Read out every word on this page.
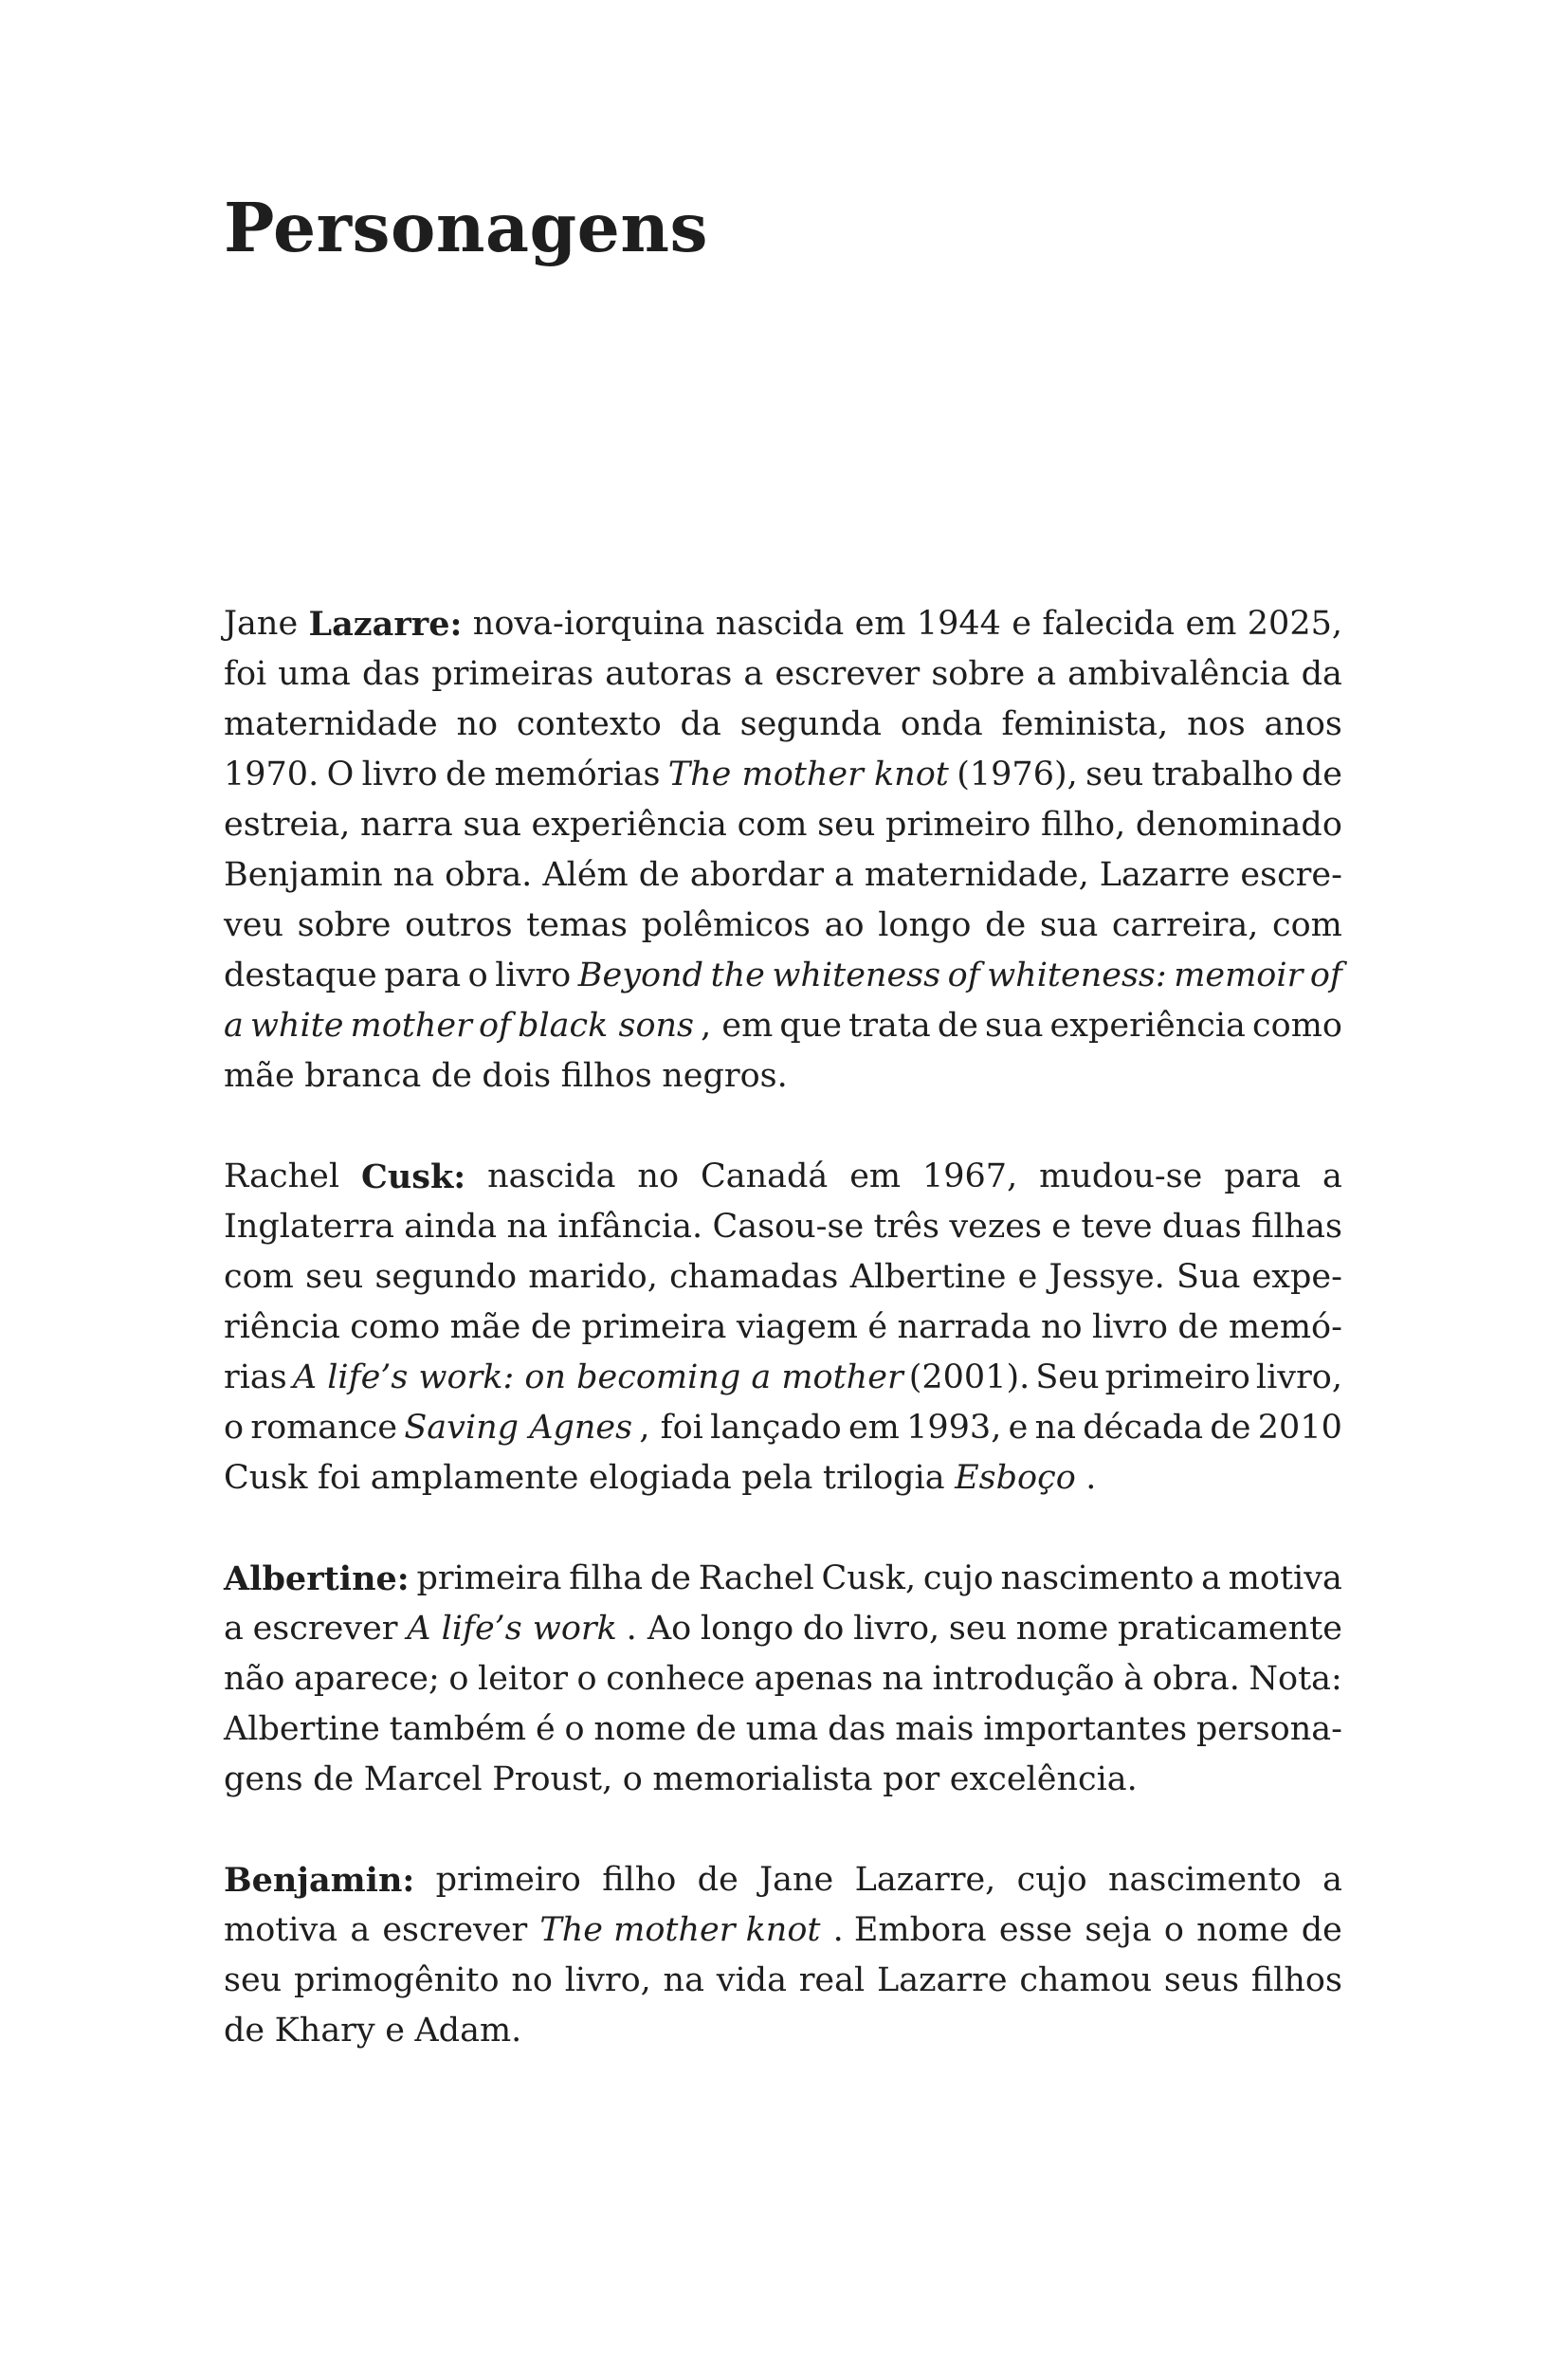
Personagens
Jane Lazarre: nova-iorquina nascida em 1944 e falecida em 2025,
foi uma das primeiras autoras a escrever sobre a ambivalência da
maternidade no contexto da segunda onda feminista, nos anos
1970. O livro de memórias The mother knot (1976), seu trabalho de
estreia, narra sua experiência com seu primeiro filho, denominado
Benjamin na obra. Além de abordar a maternidade, Lazarre escre-
veu sobre outros temas polêmicos ao longo de sua carreira, com
destaque para o livro Beyond the whiteness of whiteness: memoir of
a white mother of black sons , em que trata de sua experiência como
mãe branca de dois filhos negros.
Rachel Cusk: nascida no Canadá em 1967, mudou-se para a
Inglaterra ainda na infância. Casou-se três vezes e teve duas filhas
com seu segundo marido, chamadas Albertine e Jessye. Sua expe-
riência como mãe de primeira viagem é narrada no livro de memó-
rias A life’s work: on becoming a mother (2001). Seu primeiro livro,
o romance Saving Agnes , foi lançado em 1993, e na década de 2010
Cusk foi amplamente elogiada pela trilogia Esboço .
Albertine: primeira filha de Rachel Cusk, cujo nascimento a motiva
a escrever A life’s work . Ao longo do livro, seu nome praticamente
não aparece; o leitor o conhece apenas na introdução à obra. Nota:
Albertine também é o nome de uma das mais importantes persona-
gens de Marcel Proust, o memorialista por excelência.
Benjamin: primeiro filho de Jane Lazarre, cujo nascimento a
motiva a escrever The mother knot . Embora esse seja o nome de
seu primogênito no livro, na vida real Lazarre chamou seus filhos
de Khary e Adam.
